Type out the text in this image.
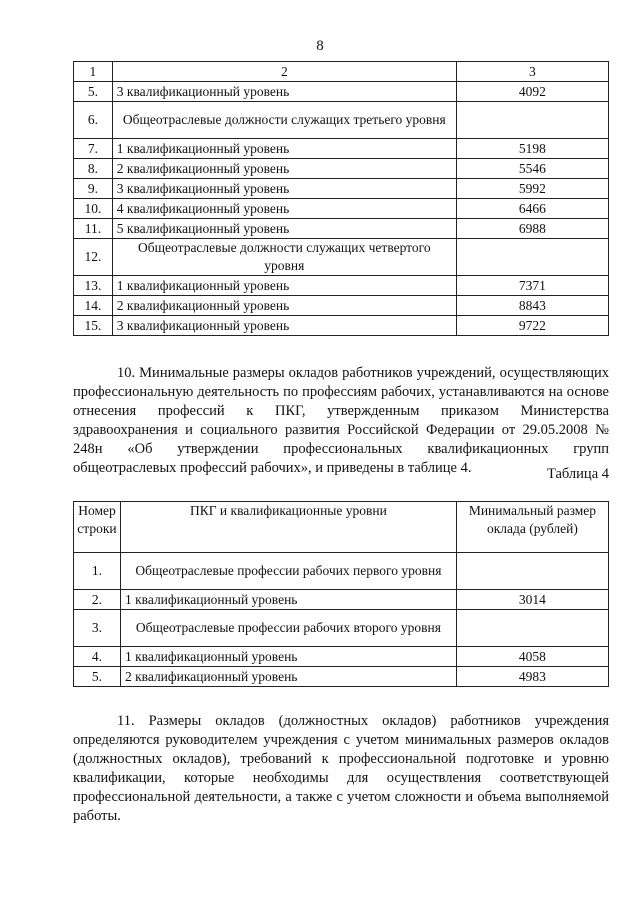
8
1	2	3
5.	3 квалификационный уровень	4092
6.	Общеотраслевые должности служащих третьего уровня	
7.	1 квалификационный уровень	5198
8.	2 квалификационный уровень	5546
9.	3 квалификационный уровень	5992
10.	4 квалификационный уровень	6466
11.	5 квалификационный уровень	6988
12.	Общеотраслевые должности служащих четвертого уровня	
13.	1 квалификационный уровень	7371
14.	2 квалификационный уровень	8843
15.	3 квалификационный уровень	9722
10. Минимальные размеры окладов работников учреждений, осуществляющих профессиональную деятельность по профессиям рабочих, устанавливаются на основе отнесения профессий к ПКГ, утвержденным приказом Министерства здравоохранения и социального развития Российской Федерации от 29.05.2008 № 248н «Об утверждении профессиональных квалификационных групп общеотраслевых профессий рабочих», и приведены в таблице 4.	Таблица 4
Номер строки	ПКГ и квалификационные уровни	Минимальный размер оклада (рублей)
1.	Общеотраслевые профессии рабочих первого уровня	
2.	1 квалификационный уровень	3014
3.	Общеотраслевые профессии рабочих второго уровня	
4.	1 квалификационный уровень	4058
5.	2 квалификационный уровень	4983
11. Размеры окладов (должностных окладов) работников учреждения определяются руководителем учреждения с учетом минимальных размеров окладов (должностных окладов), требований к профессиональной подготовке и уровню квалификации, которые необходимы для осуществления соответствующей профессиональной деятельности, а также с учетом сложности и объема выполняемой работы.
